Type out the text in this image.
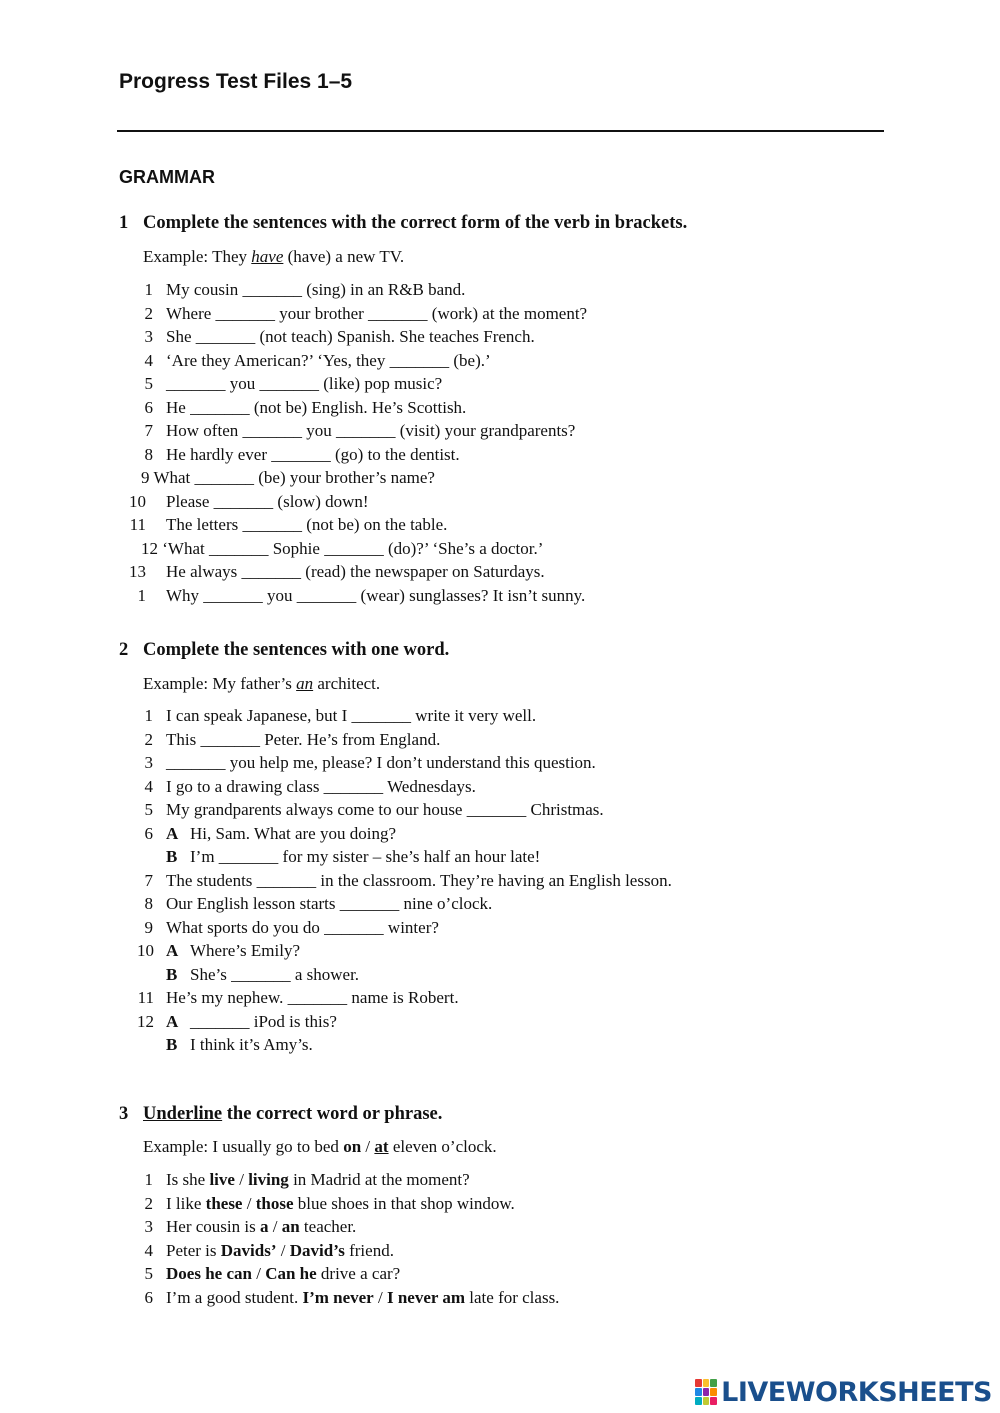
Progress Test Files 1–5
GRAMMAR
1 Complete the sentences with the correct form of the verb in brackets.
Example: They have (have) a new TV.
1 My cousin _______ (sing) in an R&B band.
2 Where _______ your brother _______ (work) at the moment?
3 She _______ (not teach) Spanish. She teaches French.
4 ‘Are they American?’ ‘Yes, they _______ (be).’
5 _______ you _______ (like) pop music?
6 He _______ (not be) English. He’s Scottish.
7 How often _______ you _______ (visit) your grandparents?
8 He hardly ever _______ (go) to the dentist.
9 What _______ (be) your brother’s name?
10 Please _______ (slow) down!
11 The letters _______ (not be) on the table.
12 ‘What _______ Sophie _______ (do)?’ ‘She’s a doctor.’
13 He always _______ (read) the newspaper on Saturdays.
1 Why _______ you _______ (wear) sunglasses? It isn’t sunny.
2 Complete the sentences with one word.
Example: My father’s an architect.
1 I can speak Japanese, but I _______ write it very well.
2 This _______ Peter. He’s from England.
3 _______ you help me, please? I don’t understand this question.
4 I go to a drawing class _______ Wednesdays.
5 My grandparents always come to our house _______ Christmas.
6 A Hi, Sam. What are you doing?
B I’m _______ for my sister – she’s half an hour late!
7 The students _______ in the classroom. They’re having an English lesson.
8 Our English lesson starts _______ nine o’clock.
9 What sports do you do _______ winter?
10 A Where’s Emily?
B She’s _______ a shower.
11 He’s my nephew. _______ name is Robert.
12 A _______ iPod is this?
B I think it’s Amy’s.
3 Underline the correct word or phrase.
Example: I usually go to bed on / at eleven o’clock.
1 Is she live / living in Madrid at the moment?
2 I like these / those blue shoes in that shop window.
3 Her cousin is a / an teacher.
4 Peter is Davids’ / David’s friend.
5 Does he can / Can he drive a car?
6 I’m a good student. I’m never / I never am late for class.
LIVEWORKSHEETS
